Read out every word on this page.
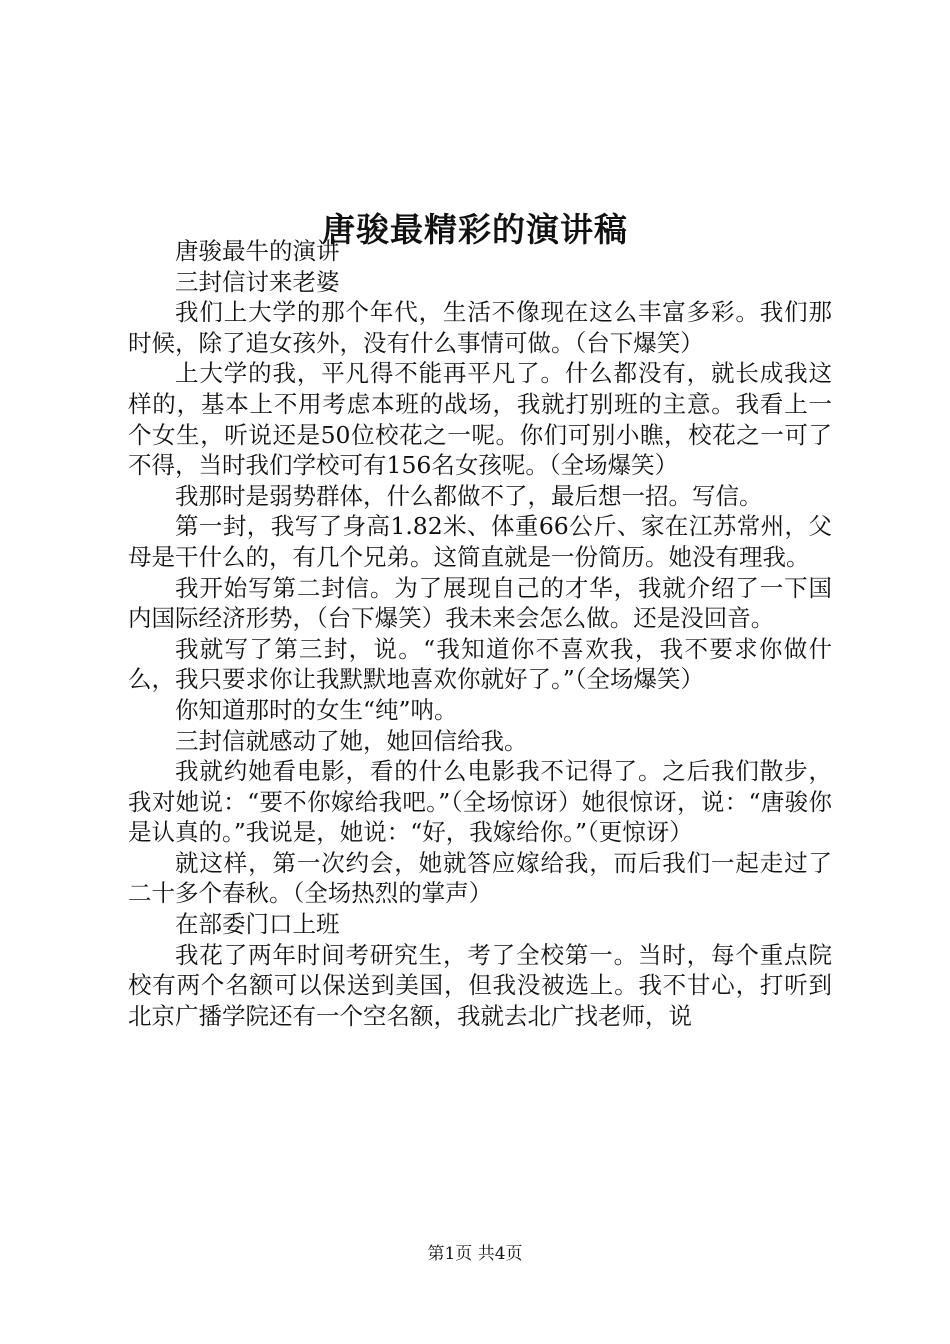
唐骏最精彩的演讲稿

唐骏最牛的演讲

三封信讨来老婆

我们上大学的那个年代，生活不像现在这么丰富多彩。我们那时候，除了追女孩外，没有什么事情可做。（台下爆笑）

上大学的我，平凡得不能再平凡了。什么都没有，就长成我这样的，基本上不用考虑本班的战场，我就打别班的主意。我看上一个女生，听说还是50位校花之一呢。你们可别小瞧，校花之一可了不得，当时我们学校可有156名女孩呢。（全场爆笑）

我那时是弱势群体，什么都做不了，最后想一招。写信。

第一封，我写了身高1.82米、体重66公斤、家在江苏常州，父母是干什么的，有几个兄弟。这简直就是一份简历。她没有理我。

我开始写第二封信。为了展现自己的才华，我就介绍了一下国内国际经济形势，（台下爆笑）我未来会怎么做。还是没回音。

我就写了第三封，说。“我知道你不喜欢我，我不要求你做什么，我只要求你让我默默地喜欢你就好了。”（全场爆笑）

你知道那时的女生“纯”呐。

三封信就感动了她，她回信给我。

我就约她看电影，看的什么电影我不记得了。之后我们散步，我对她说：“要不你嫁给我吧。”（全场惊讶）她很惊讶，说：“唐骏你是认真的。”我说是，她说：“好，我嫁给你。”（更惊讶）

就这样，第一次约会，她就答应嫁给我，而后我们一起走过了二十多个春秋。（全场热烈的掌声）

在部委门口上班

我花了两年时间考研究生，考了全校第一。当时，每个重点院校有两个名额可以保送到美国，但我没被选上。我不甘心，打听到北京广播学院还有一个空名额，我就去北广找老师，说

第1页 共4页
